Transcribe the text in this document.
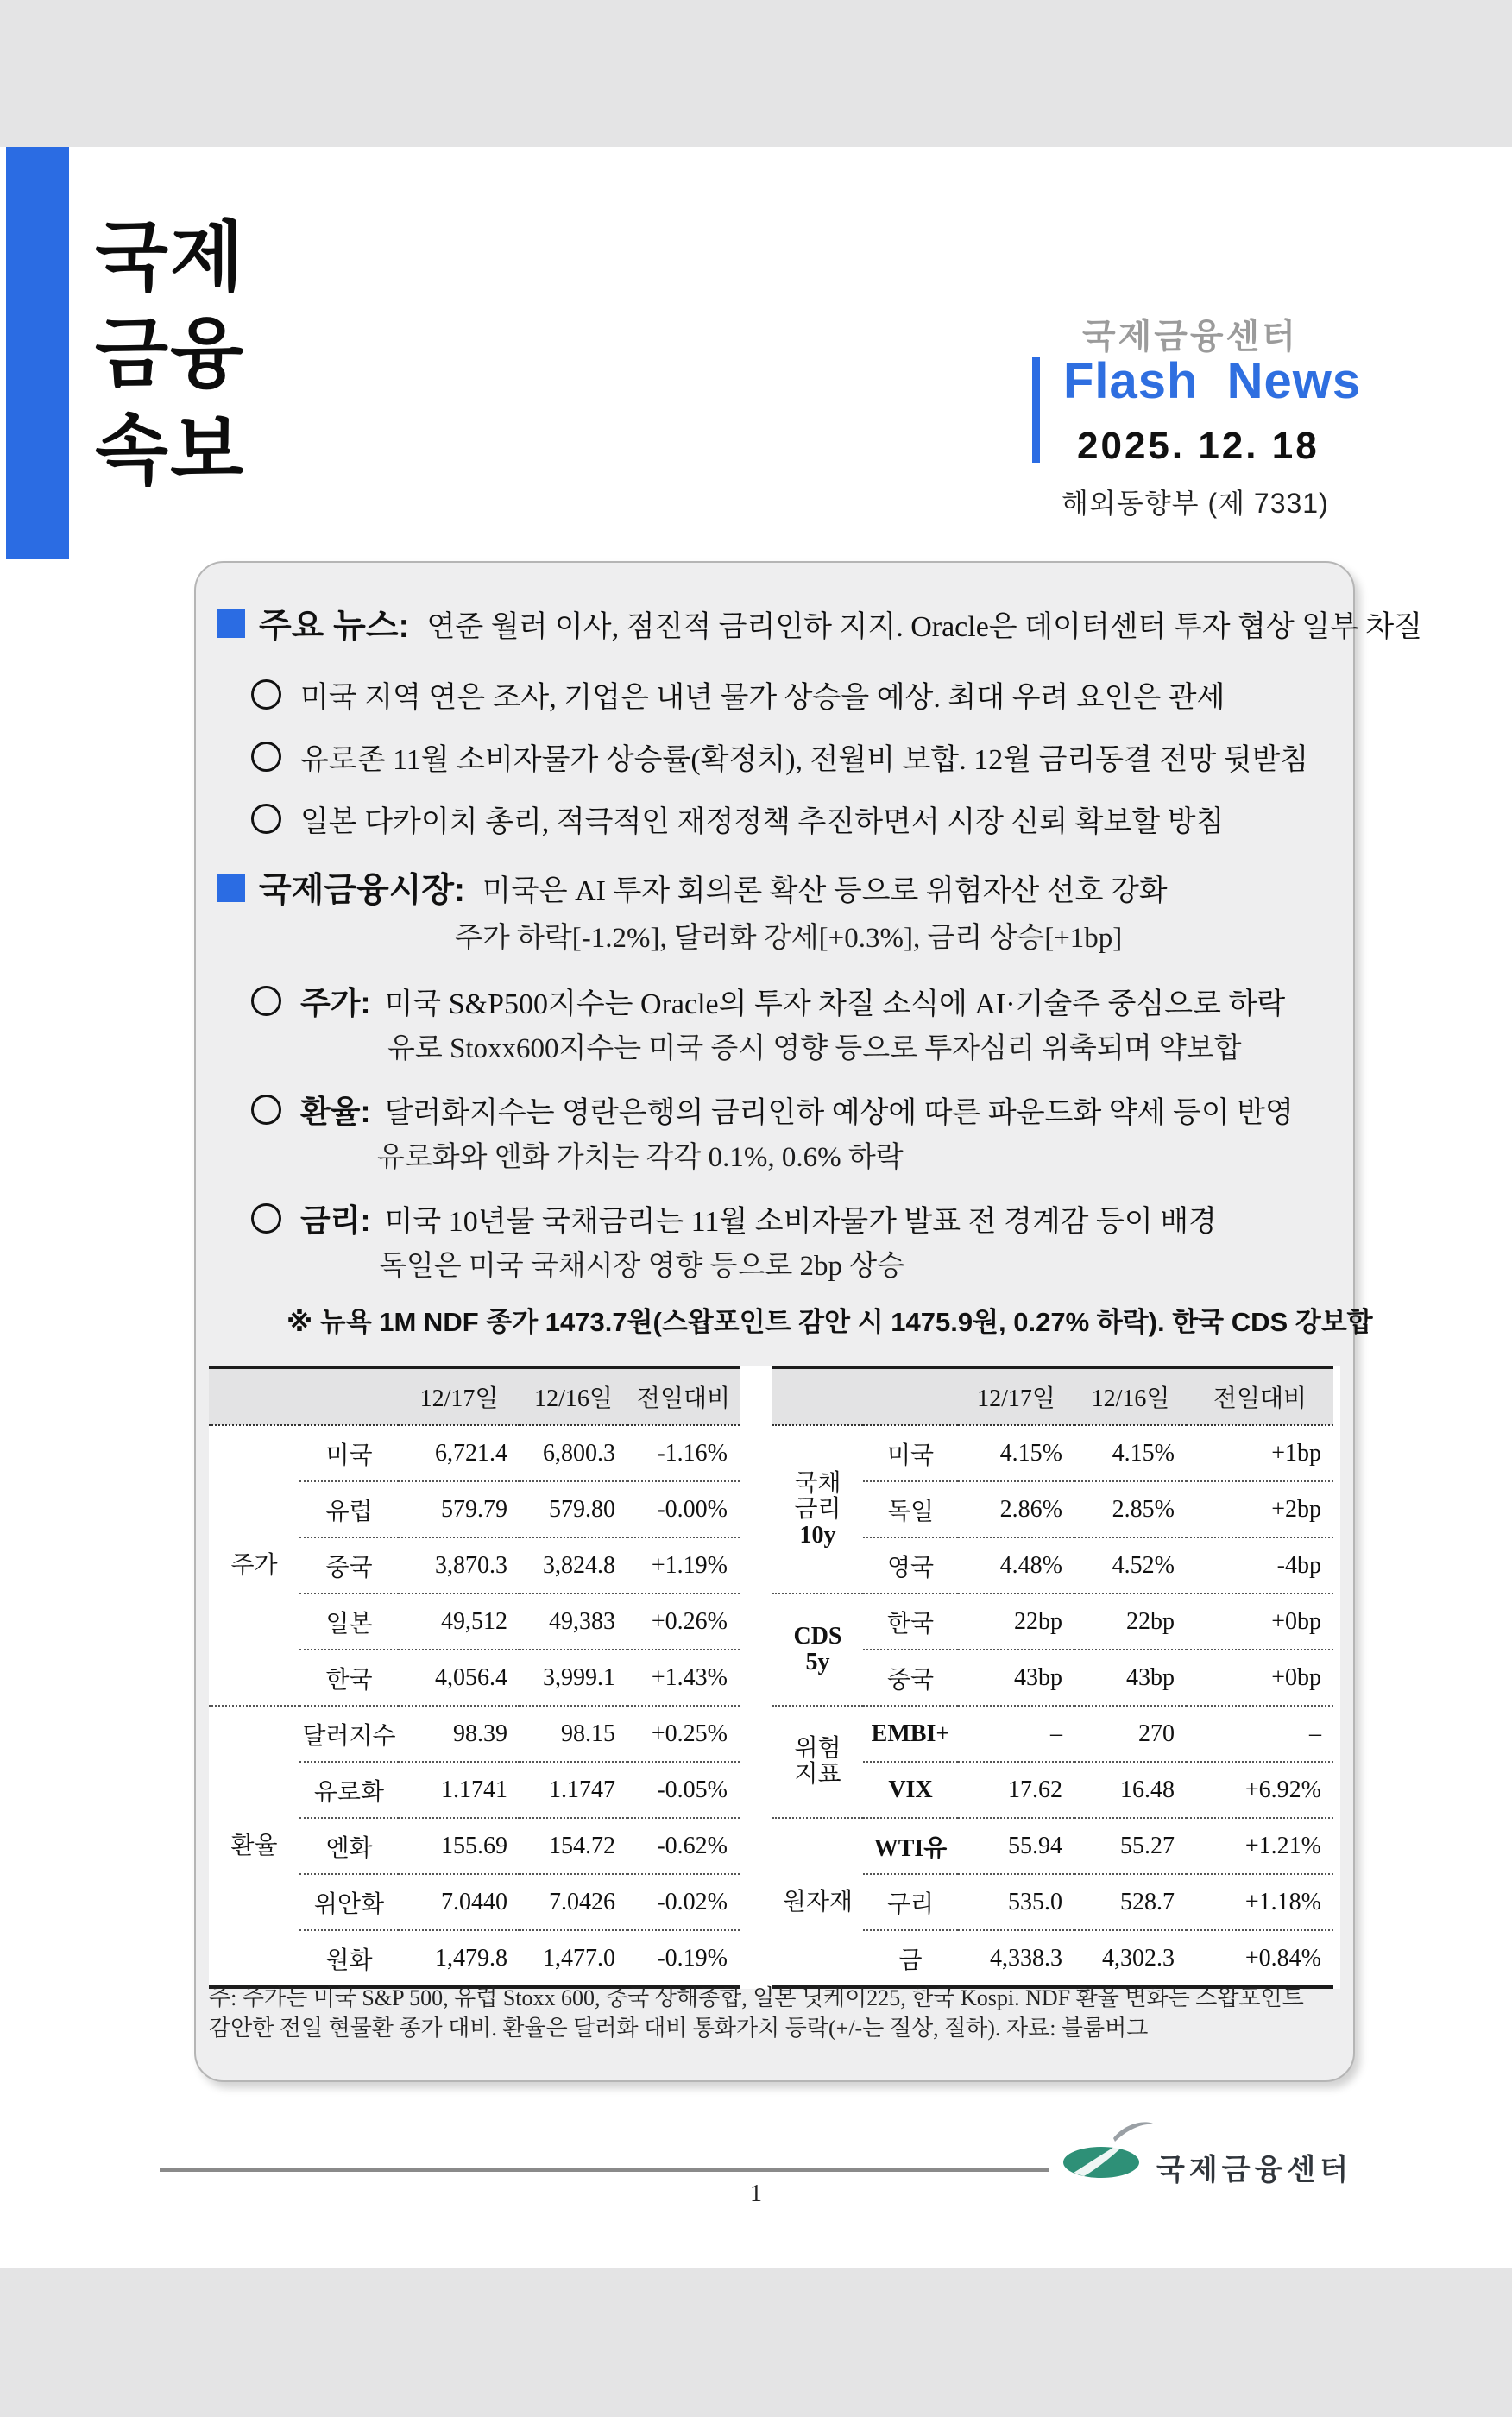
국제
금융
속보
국제금융센터
Flash News
2025. 12. 18
해외동향부 (제 7331)
주요 뉴스: 연준 월러 이사, 점진적 금리인하 지지. Oracle은 데이터센터 투자 협상 일부 차질
미국 지역 연은 조사, 기업은 내년 물가 상승을 예상. 최대 우려 요인은 관세
유로존 11월 소비자물가 상승률(확정치), 전월비 보합. 12월 금리동결 전망 뒷받침
일본 다카이치 총리, 적극적인 재정정책 추진하면서 시장 신뢰 확보할 방침
국제금융시장: 미국은 AI 투자 회의론 확산 등으로 위험자산 선호 강화
주가 하락[-1.2%], 달러화 강세[+0.3%], 금리 상승[+1bp]
주가: 미국 S&P500지수는 Oracle의 투자 차질 소식에 AI·기술주 중심으로 하락
유로 Stoxx600지수는 미국 증시 영향 등으로 투자심리 위축되며 약보합
환율: 달러화지수는 영란은행의 금리인하 예상에 따른 파운드화 약세 등이 반영
유로화와 엔화 가치는 각각 0.1%, 0.6% 하락
금리: 미국 10년물 국채금리는 11월 소비자물가 발표 전 경계감 등이 배경
독일은 미국 국채시장 영향 등으로 2bp 상승
※ 뉴욕 1M NDF 종가 1473.7원(스왑포인트 감안 시 1475.9원, 0.27% 하락). 한국 CDS 강보합
		12/17일	12/16일	전일대비

주가	미국	6,721.4	6,800.3	-1.16%
	유럽	579.79	579.80	-0.00%
	중국	3,870.3	3,824.8	+1.19%
	일본	49,512	49,383	+0.26%
	한국	4,056.4	3,999.1	+1.43%

환율	달러지수	98.39	98.15	+0.25%
	유로화	1.1741	1.1747	-0.05%
	엔화	155.69	154.72	-0.62%
	위안화	7.0440	7.0426	-0.02%
	원화	1,479.8	1,477.0	-0.19%
		12/17일	12/16일	전일대비

국채
금리
10y	미국	4.15%	4.15%	+1bp
	독일	2.86%	2.85%	+2bp
	영국	4.48%	4.52%	-4bp

CDS
5y	한국	22bp	22bp	+0bp
	중국	43bp	43bp	+0bp

위험
지표	EMBI+	–	270	–
	VIX	17.62	16.48	+6.92%

원자재	WTI유	55.94	55.27	+1.21%
	구리	535.0	528.7	+1.18%
	금	4,338.3	4,302.3	+0.84%
주: 주가는 미국 S&P 500, 유럽 Stoxx 600, 중국 상해종합, 일본 닛케이225, 한국 Kospi. NDF 환율 변화는 스왑포인트
감안한 전일 현물환 종가 대비. 환율은 달러화 대비 통화가치 등락(+/-는 절상, 절하). 자료: 블룸버그
국제금융센터
1
